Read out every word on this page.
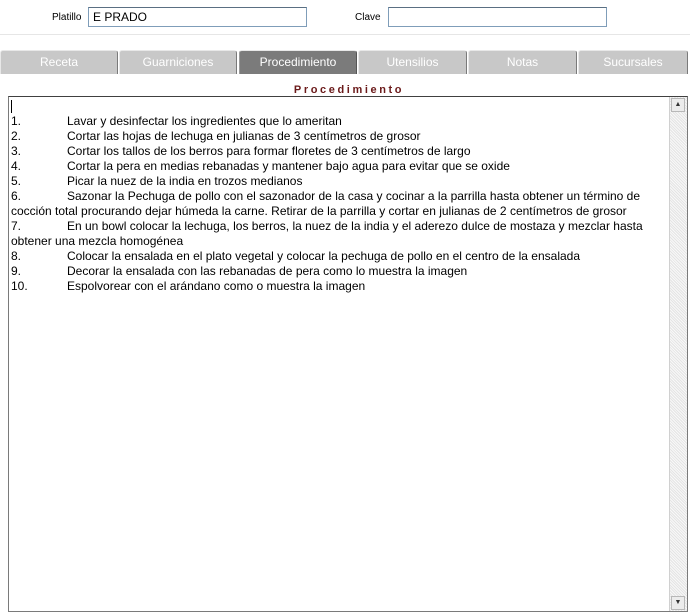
Platillo
E PRADO	Clave
Receta	Guarniciones	Procedimiento	Utensilios	Notas	Sucursales
Procedimiento
1.	Lavar y desinfectar los ingredientes que lo ameritan
2.	Cortar las hojas de lechuga en julianas de 3 centímetros de grosor
3.	Cortar los tallos de los berros para formar floretes de 3 centímetros de largo
4.	Cortar la pera en medias rebanadas y mantener bajo agua para evitar que se oxide
5.	Picar la nuez de la india en trozos medianos
6.	Sazonar la Pechuga de pollo con el sazonador de la casa y cocinar a la parrilla hasta obtener un término de cocción total procurando dejar húmeda la carne. Retirar de la parrilla y cortar en julianas de 2 centímetros de grosor
7.	En un bowl colocar la lechuga, los berros, la nuez de la india y el aderezo dulce de mostaza y mezclar hasta obtener una mezcla homogénea
8.	Colocar la ensalada en el plato vegetal y colocar la pechuga de pollo en el centro de la ensalada
9.	Decorar la ensalada con las rebanadas de pera como lo muestra la imagen
10.	Espolvorear con el arándano como o muestra la imagen
▲
▼
